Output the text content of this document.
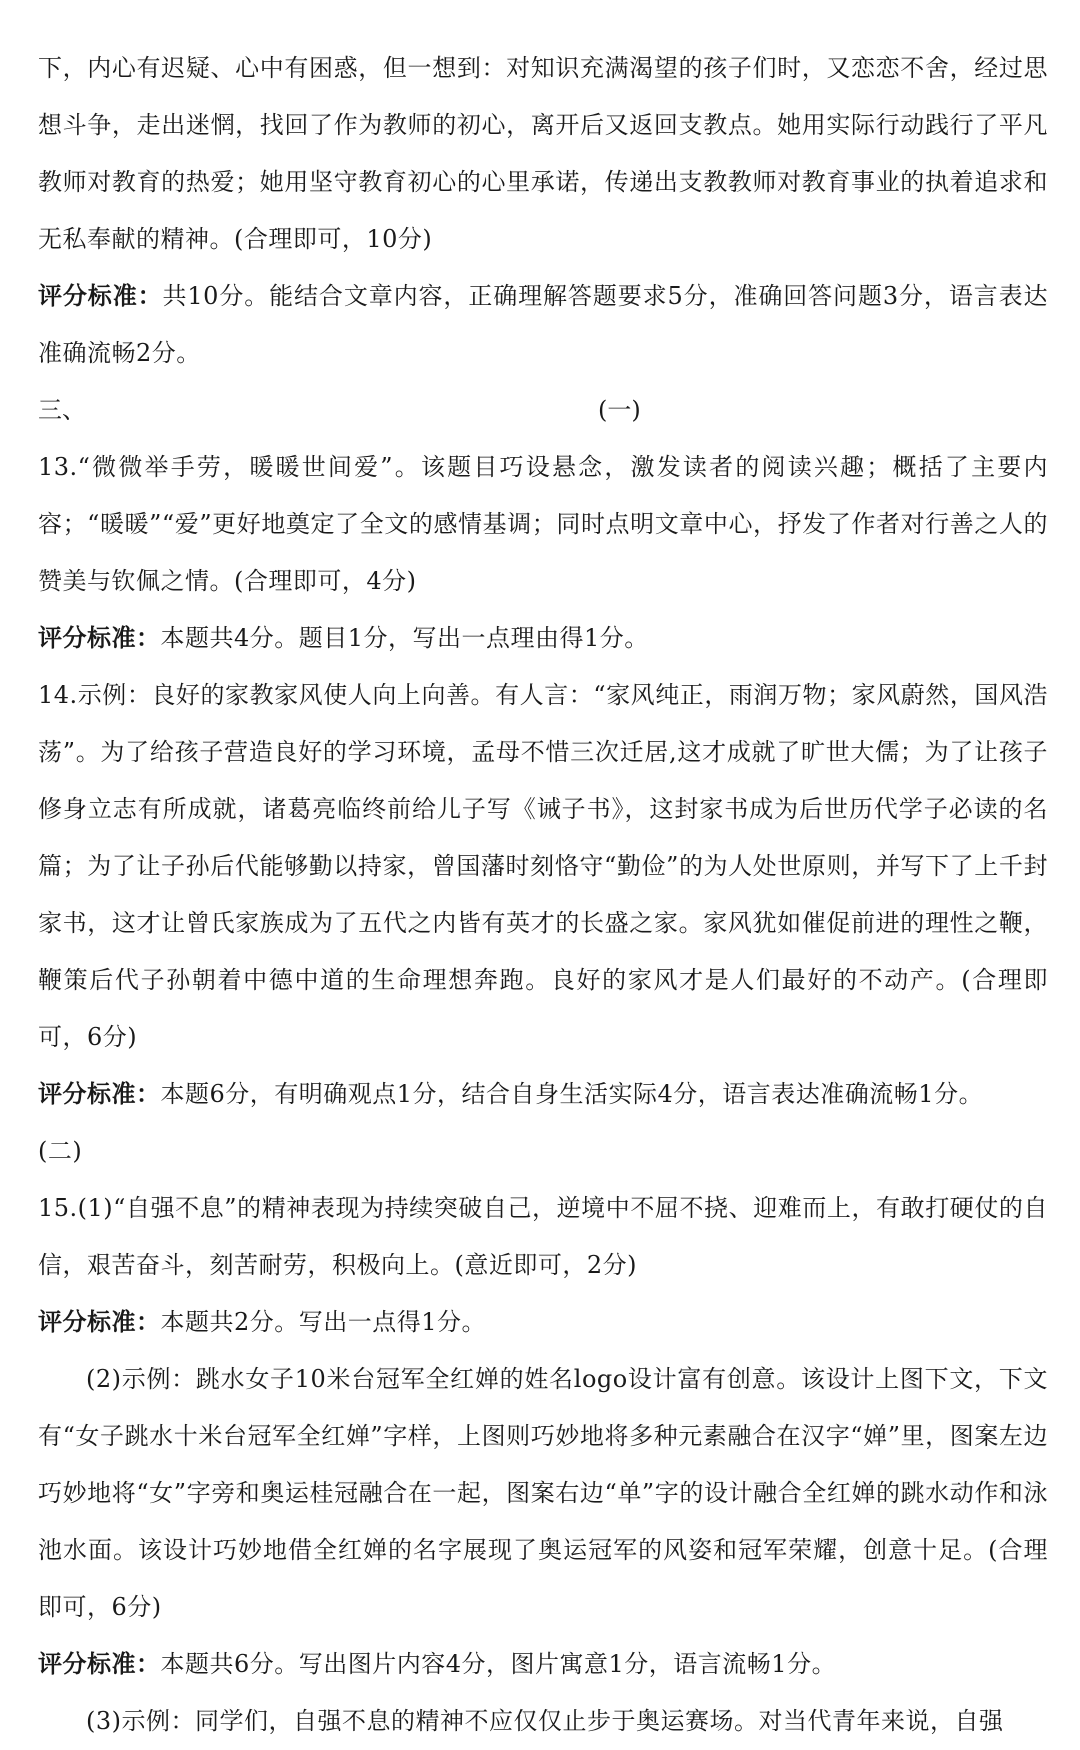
下，内心有迟疑、心中有困惑，但一想到：对知识充满渴望的孩子们时，又恋恋不舍，经过思想斗争，走出迷惘，找回了作为教师的初心，离开后又返回支教点。她用实际行动践行了平凡教师对教育的热爱；她用坚守教育初心的心里承诺，传递出支教教师对教育事业的执着追求和无私奉献的精神。(合理即可，10分)

评分标准：共10分。能结合文章内容，正确理解答题要求5分，准确回答问题3分，语言表达准确流畅2分。

三、	(一)

13.“微微举手劳，暖暖世间爱”。该题目巧设悬念，激发读者的阅读兴趣；概括了主要内容；“暖暖”“爱”更好地奠定了全文的感情基调；同时点明文章中心，抒发了作者对行善之人的赞美与钦佩之情。(合理即可，4分)

评分标准：本题共4分。题目1分，写出一点理由得1分。

14.示例：良好的家教家风使人向上向善。有人言：“家风纯正，雨润万物；家风蔚然，国风浩荡”。为了给孩子营造良好的学习环境，孟母不惜三次迁居,这才成就了旷世大儒；为了让孩子修身立志有所成就，诸葛亮临终前给儿子写《诫子书》，这封家书成为后世历代学子必读的名篇；为了让子孙后代能够勤以持家，曾国藩时刻恪守“勤俭”的为人处世原则，并写下了上千封家书，这才让曾氏家族成为了五代之内皆有英才的长盛之家。家风犹如催促前进的理性之鞭，鞭策后代子孙朝着中德中道的生命理想奔跑。良好的家风才是人们最好的不动产。(合理即可，6分)

评分标准：本题6分，有明确观点1分，结合自身生活实际4分，语言表达准确流畅1分。

(二)

15.(1)“自强不息”的精神表现为持续突破自己，逆境中不屈不挠、迎难而上，有敢打硬仗的自信，艰苦奋斗，刻苦耐劳，积极向上。(意近即可，2分)

评分标准：本题共2分。写出一点得1分。

(2)示例：跳水女子10米台冠军全红婵的姓名logo设计富有创意。该设计上图下文，下文有“女子跳水十米台冠军全红婵”字样，上图则巧妙地将多种元素融合在汉字“婵”里，图案左边巧妙地将“女”字旁和奥运桂冠融合在一起，图案右边“单”字的设计融合全红婵的跳水动作和泳池水面。该设计巧妙地借全红婵的名字展现了奥运冠军的风姿和冠军荣耀，创意十足。(合理即可，6分)

评分标准：本题共6分。写出图片内容4分，图片寓意1分，语言流畅1分。

(3)示例：同学们，自强不息的精神不应仅仅止步于奥运赛场。对当代青年来说，自强
